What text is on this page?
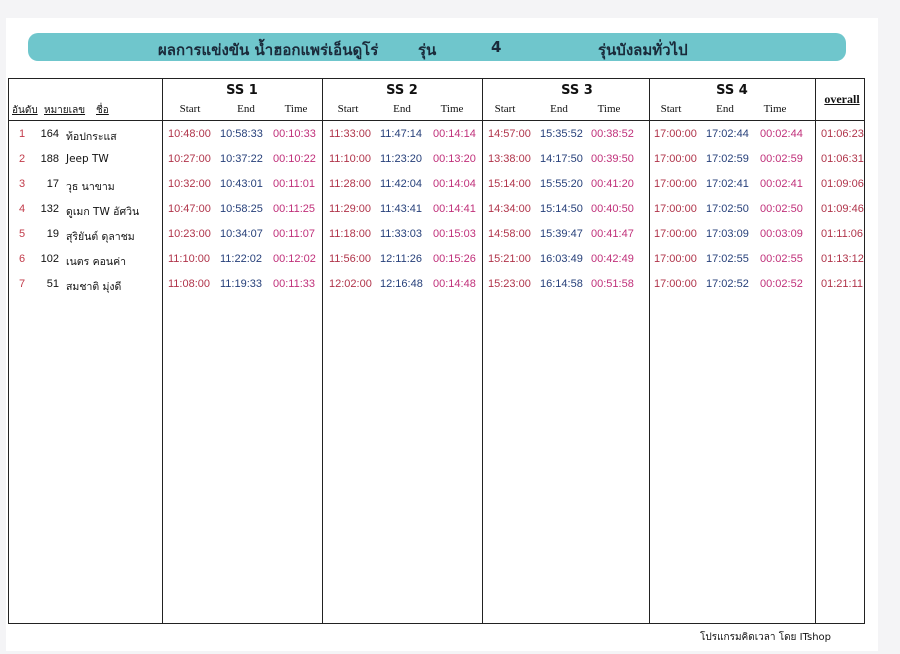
ผลการแข่งขัน น้ำฮอกแพร่เอ็นดูโร่	รุ่น	4	รุ่นบังลมทั่วไป
อันดับ หมายเลข ชื่อ
SS 1	SS 2	SS 3	SS 4
Start	End	Time	Start	End	Time	Start	End	Time	Start	End	Time
overall
1	164 ท้อปกระแส	10:48:00 10:58:33 00:10:33 11:33:00 11:47:14 00:14:14 14:57:00 15:35:52 00:38:52 17:00:00 17:02:44 00:02:44 01:06:23
2	188 Jeep TW	10:27:00 10:37:22 00:10:22 11:10:00 11:23:20 00:13:20 13:38:00 14:17:50 00:39:50 17:00:00 17:02:59 00:02:59 01:06:31
3	17 วุธ นาขาม	10:32:00 10:43:01 00:11:01 11:28:00 11:42:04 00:14:04 15:14:00 15:55:20 00:41:20 17:00:00 17:02:41 00:02:41 01:09:06
4	132 ดูเมก TW อัศวิน	10:47:00 10:58:25 00:11:25 11:29:00 11:43:41 00:14:41 14:34:00 15:14:50 00:40:50 17:00:00 17:02:50 00:02:50 01:09:46
5	19 สุริยันต์ ดุลาชม	10:23:00 10:34:07 00:11:07 11:18:00 11:33:03 00:15:03 14:58:00 15:39:47 00:41:47 17:00:00 17:03:09 00:03:09 01:11:06
6	102 เนตร คอนค่า	11:10:00 11:22:02 00:12:02 11:56:00 12:11:26 00:15:26 15:21:00 16:03:49 00:42:49 17:00:00 17:02:55 00:02:55 01:13:12
7	51 สมชาติ มุ่งดี	11:08:00 11:19:33 00:11:33 12:02:00 12:16:48 00:14:48 15:23:00 16:14:58 00:51:58 17:00:00 17:02:52 00:02:52 01:21:11
โปรแกรมคิดเวลา โดย ITshop
